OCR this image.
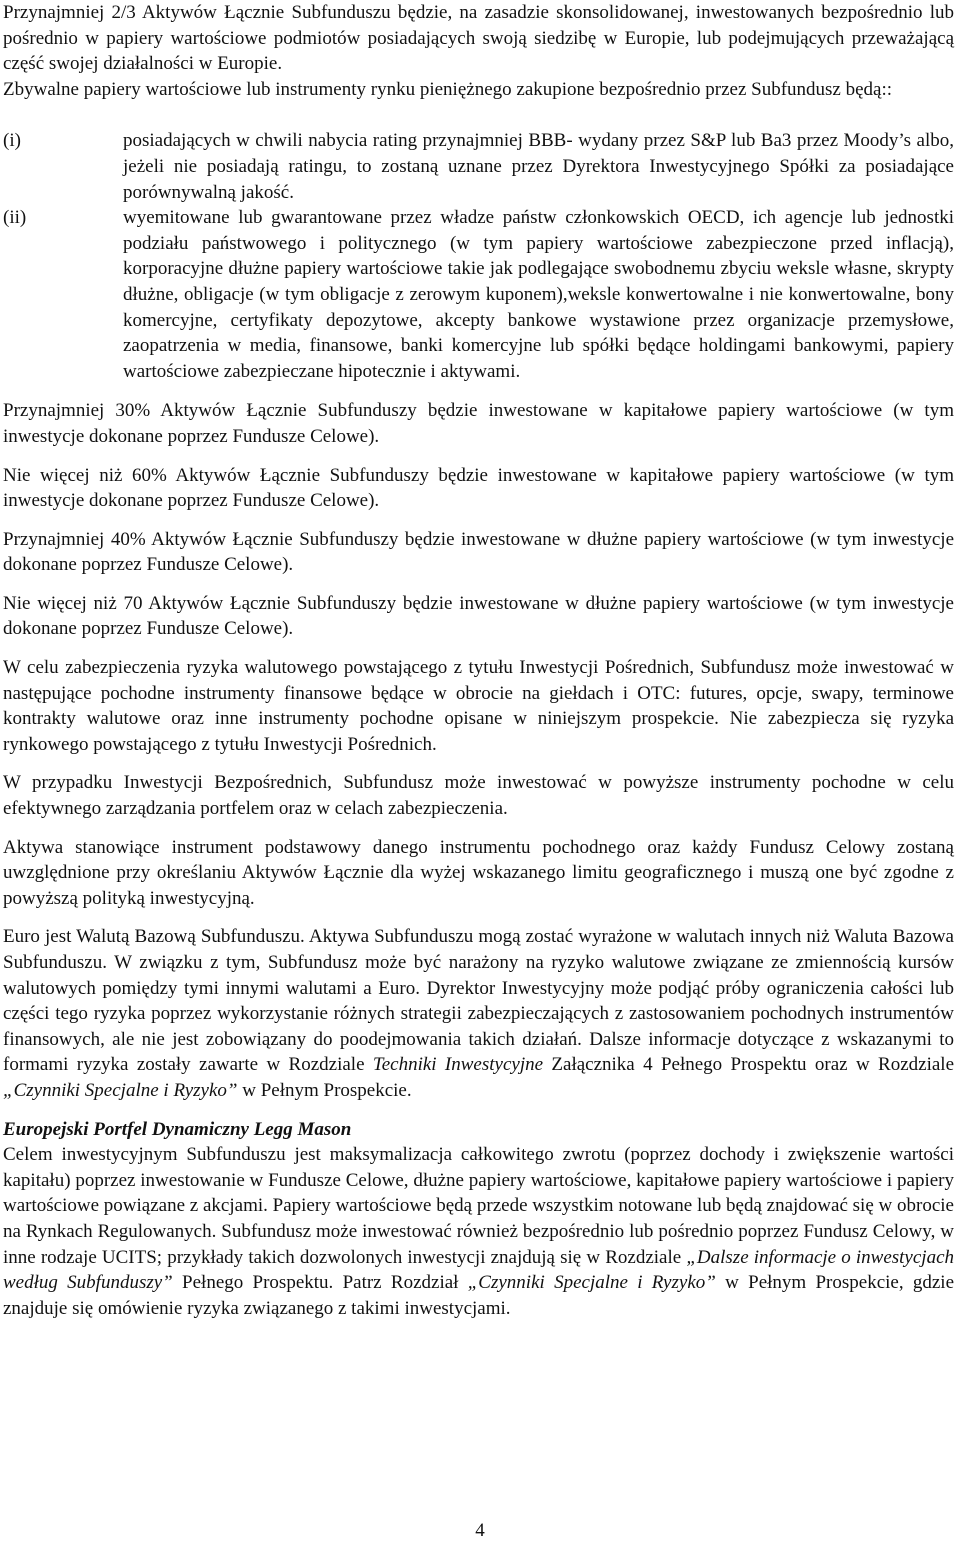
Przynajmniej 2/3 Aktywów Łącznie Subfunduszu będzie, na zasadzie skonsolidowanej, inwestowanych bezpośrednio lub pośrednio w papiery wartościowe podmiotów posiadających swoją siedzibę w Europie, lub podejmujących przeważającą część swojej działalności w Europie.

Zbywalne papiery wartościowe lub instrumenty rynku pieniężnego zakupione bezpośrednio przez Subfundusz będą::

(i)	posiadających w chwili nabycia rating przynajmniej BBB- wydany przez S&P lub Ba3 przez Moody’s albo, jeżeli nie posiadają ratingu, to zostaną uznane przez Dyrektora Inwestycyjnego Spółki za posiadające porównywalną jakość.
(ii)	wyemitowane lub gwarantowane przez władze państw członkowskich OECD, ich agencje lub jednostki podziału państwowego i politycznego (w tym papiery wartościowe zabezpieczone przed inflacją), korporacyjne dłużne papiery wartościowe takie jak podlegające swobodnemu zbyciu weksle własne, skrypty dłużne, obligacje (w tym obligacje z zerowym kuponem),weksle konwertowalne i nie konwertowalne, bony komercyjne, certyfikaty depozytowe, akcepty bankowe wystawione przez organizacje przemysłowe, zaopatrzenia w media, finansowe, banki komercyjne lub spółki będące holdingami bankowymi, papiery wartościowe zabezpieczane hipotecznie i aktywami.

Przynajmniej 30% Aktywów Łącznie Subfunduszy będzie inwestowane w kapitałowe papiery wartościowe (w tym inwestycje dokonane poprzez Fundusze Celowe).

Nie więcej niż 60% Aktywów Łącznie Subfunduszy będzie inwestowane w kapitałowe papiery wartościowe (w tym inwestycje dokonane poprzez Fundusze Celowe).

Przynajmniej 40% Aktywów Łącznie Subfunduszy będzie inwestowane w dłużne papiery wartościowe (w tym inwestycje dokonane poprzez Fundusze Celowe).

Nie więcej niż 70 Aktywów Łącznie Subfunduszy będzie inwestowane w dłużne papiery wartościowe (w tym inwestycje dokonane poprzez Fundusze Celowe).

W celu zabezpieczenia ryzyka walutowego powstającego z tytułu Inwestycji Pośrednich, Subfundusz może inwestować w następujące pochodne instrumenty finansowe będące w obrocie na giełdach i OTC: futures, opcje, swapy, terminowe kontrakty walutowe oraz inne instrumenty pochodne opisane w niniejszym prospekcie. Nie zabezpiecza się ryzyka rynkowego powstającego z tytułu Inwestycji Pośrednich.

W przypadku Inwestycji Bezpośrednich, Subfundusz może inwestować w powyższe instrumenty pochodne w celu efektywnego zarządzania portfelem oraz w celach zabezpieczenia.

Aktywa stanowiące instrument podstawowy danego instrumentu pochodnego oraz każdy Fundusz Celowy zostaną uwzględnione przy określaniu Aktywów Łącznie dla wyżej wskazanego limitu geograficznego i muszą one być zgodne z powyższą polityką inwestycyjną.

Euro jest Walutą Bazową Subfunduszu. Aktywa Subfunduszu mogą zostać wyrażone w walutach innych niż Waluta Bazowa Subfunduszu. W związku z tym, Subfundusz może być narażony na ryzyko walutowe związane ze zmiennością kursów walutowych pomiędzy tymi innymi walutami a Euro. Dyrektor Inwestycyjny może podjąć próby ograniczenia całości lub części tego ryzyka poprzez wykorzystanie różnych strategii zabezpieczających z zastosowaniem pochodnych instrumentów finansowych, ale nie jest zobowiązany do poodejmowania takich działań. Dalsze informacje dotyczące z wskazanymi to formami ryzyka zostały zawarte w Rozdziale Techniki Inwestycyjne Załącznika 4 Pełnego Prospektu oraz w Rozdziale „Czynniki Specjalne i Ryzyko” w Pełnym Prospekcie.

Europejski Portfel Dynamiczny Legg Mason

Celem inwestycyjnym Subfunduszu jest maksymalizacja całkowitego zwrotu (poprzez dochody i zwiększenie wartości kapitału) poprzez inwestowanie w Fundusze Celowe, dłużne papiery wartościowe, kapitałowe papiery wartościowe i papiery wartościowe powiązane z akcjami. Papiery wartościowe będą przede wszystkim notowane lub będą znajdować się w obrocie na Rynkach Regulowanych. Subfundusz może inwestować również bezpośrednio lub pośrednio poprzez Fundusz Celowy, w inne rodzaje UCITS; przykłady takich dozwolonych inwestycji znajdują się w Rozdziale „Dalsze informacje o inwestycjach według Subfunduszy” Pełnego Prospektu. Patrz Rozdział „Czynniki Specjalne i Ryzyko” w Pełnym Prospekcie, gdzie znajduje się omówienie ryzyka związanego z takimi inwestycjami.

4
